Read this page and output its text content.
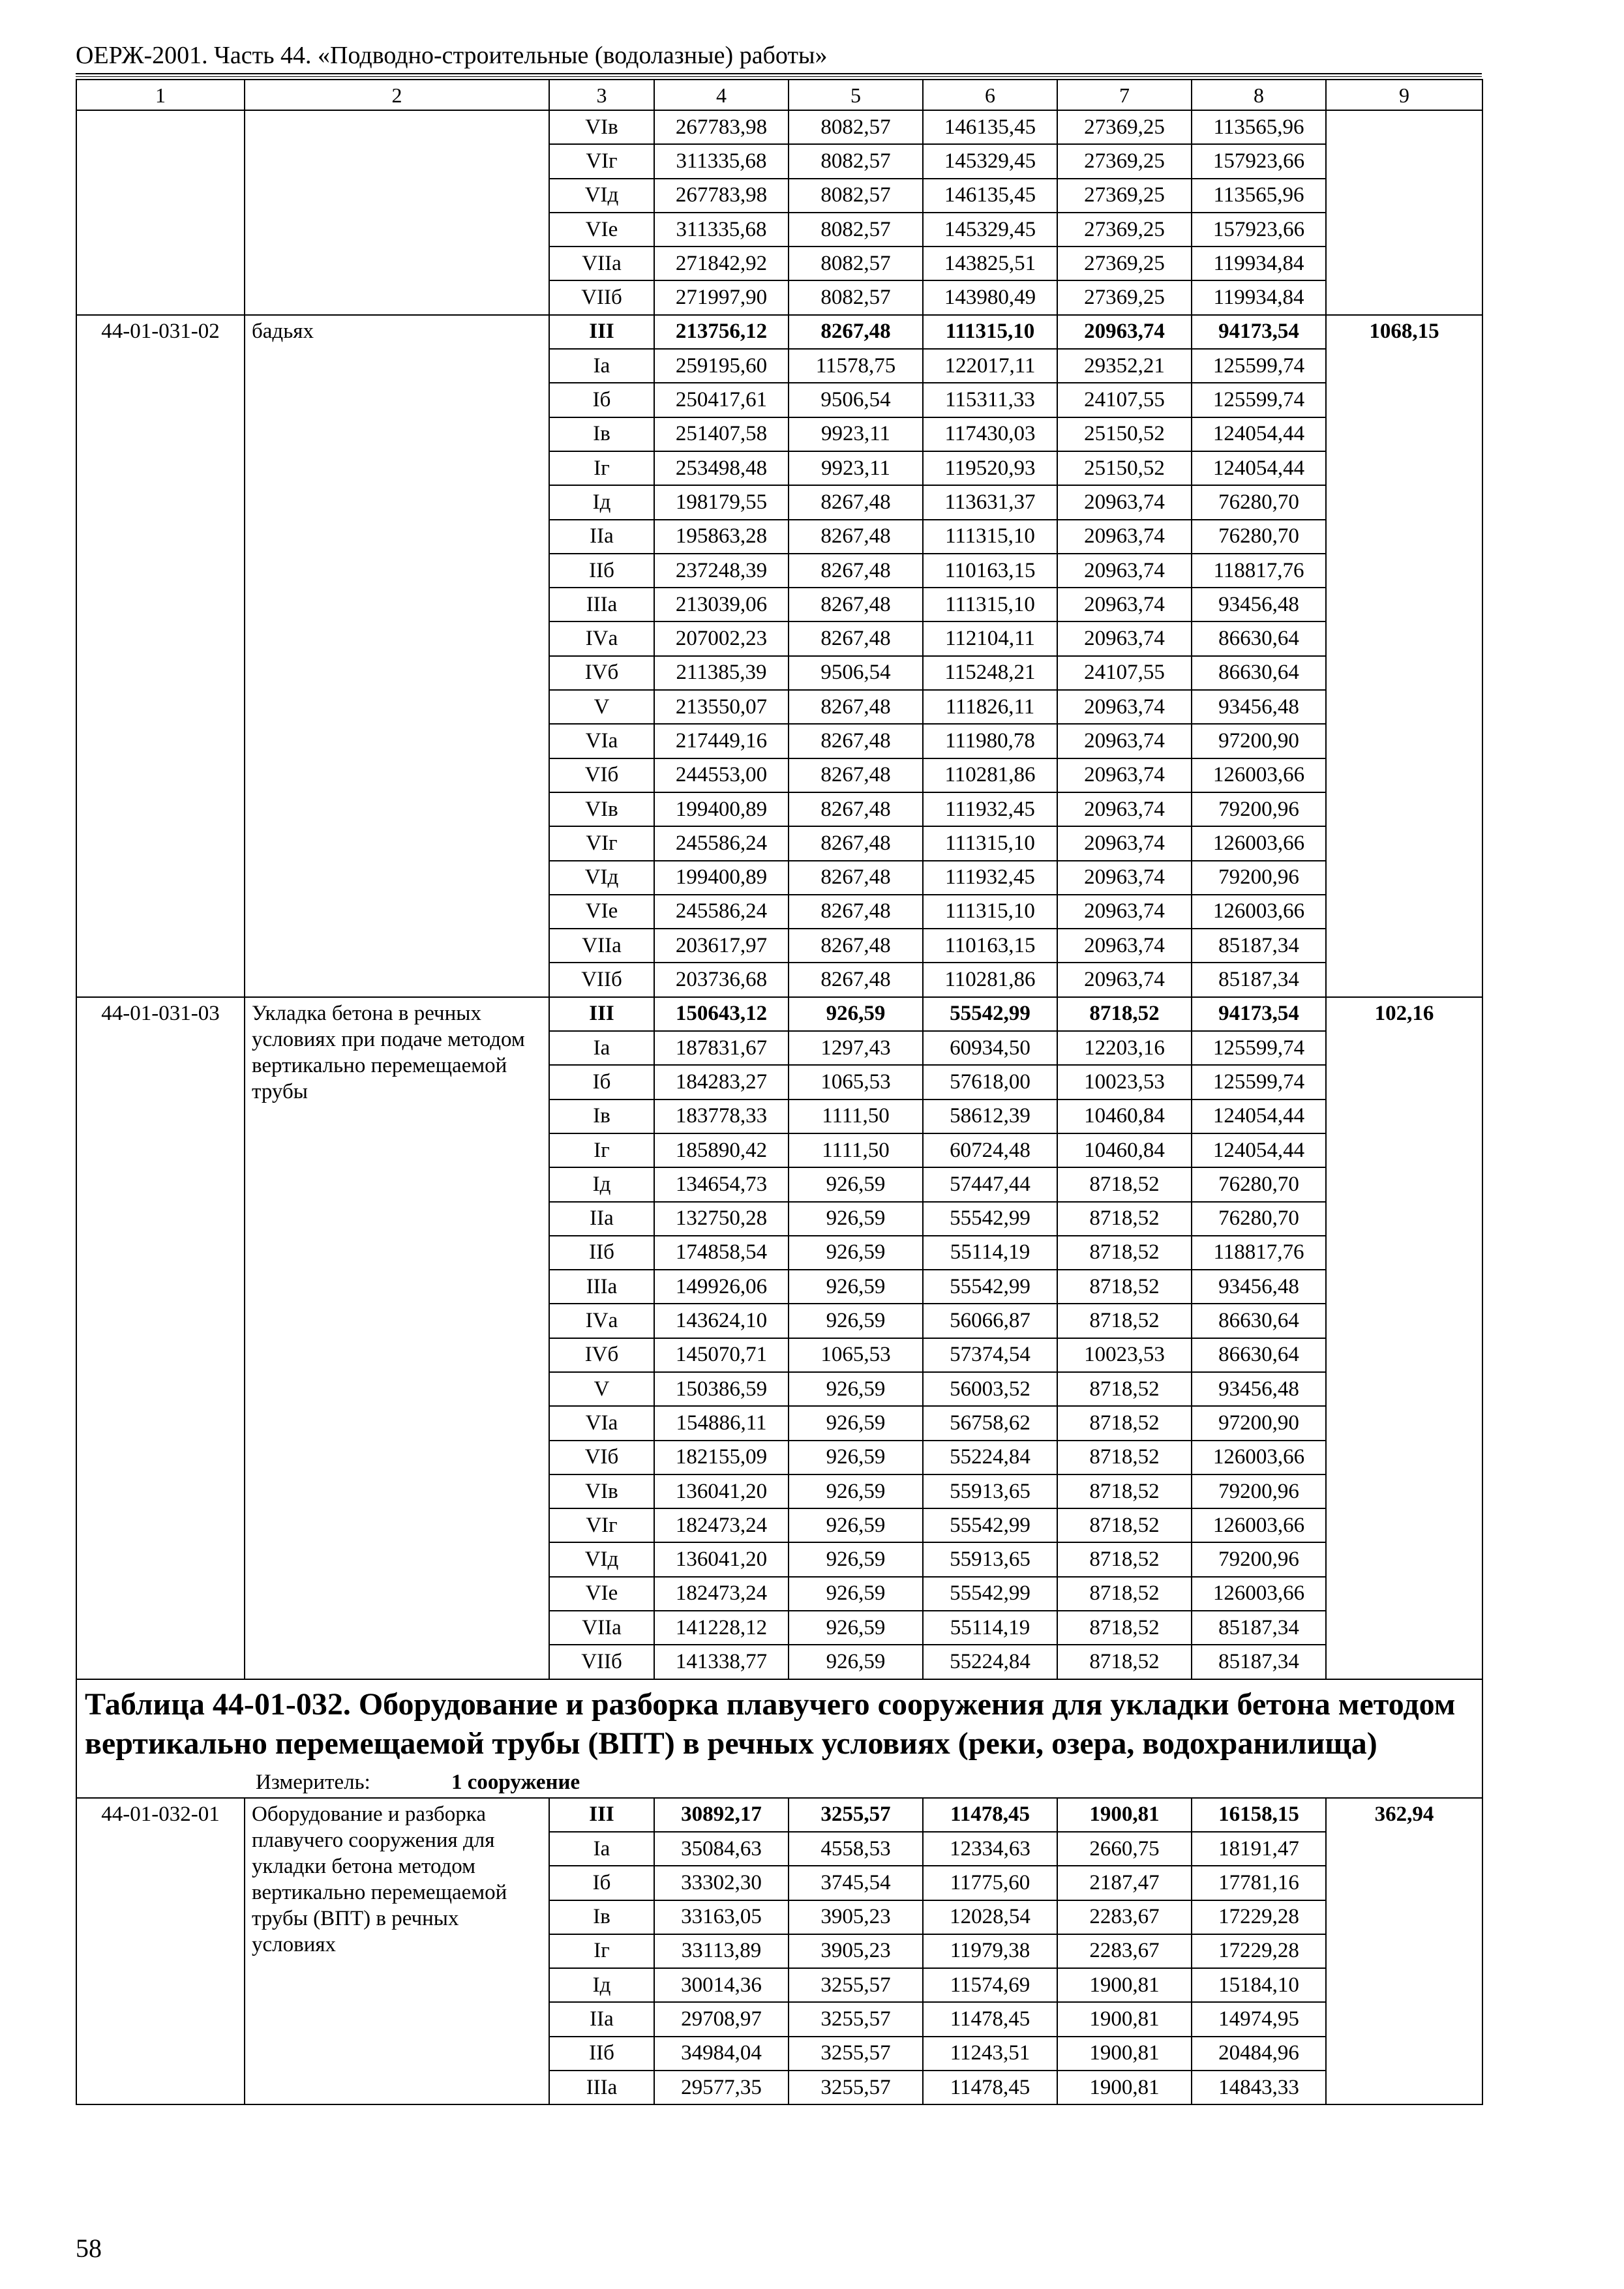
ОЕРЖ-2001. Часть 44. «Подводно-строительные (водолазные) работы»
1	2	3	4	5	6	7	8	9
		VIв	267783,98	8082,57	146135,45	27369,25	113565,96	
		VIг	311335,68	8082,57	145329,45	27369,25	157923,66	
		VIд	267783,98	8082,57	146135,45	27369,25	113565,96	
		VIе	311335,68	8082,57	145329,45	27369,25	157923,66	
		VIIа	271842,92	8082,57	143825,51	27369,25	119934,84	
		VIIб	271997,90	8082,57	143980,49	27369,25	119934,84	
44-01-031-02	бадьях	III	213756,12	8267,48	111315,10	20963,74	94173,54	1068,15
		Iа	259195,60	11578,75	122017,11	29352,21	125599,74	
		Iб	250417,61	9506,54	115311,33	24107,55	125599,74	
		Iв	251407,58	9923,11	117430,03	25150,52	124054,44	
		Iг	253498,48	9923,11	119520,93	25150,52	124054,44	
		Iд	198179,55	8267,48	113631,37	20963,74	76280,70	
		IIа	195863,28	8267,48	111315,10	20963,74	76280,70	
		IIб	237248,39	8267,48	110163,15	20963,74	118817,76	
		IIIа	213039,06	8267,48	111315,10	20963,74	93456,48	
		IVа	207002,23	8267,48	112104,11	20963,74	86630,64	
		IVб	211385,39	9506,54	115248,21	24107,55	86630,64	
		V	213550,07	8267,48	111826,11	20963,74	93456,48	
		VIа	217449,16	8267,48	111980,78	20963,74	97200,90	
		VIб	244553,00	8267,48	110281,86	20963,74	126003,66	
		VIв	199400,89	8267,48	111932,45	20963,74	79200,96	
		VIг	245586,24	8267,48	111315,10	20963,74	126003,66	
		VIд	199400,89	8267,48	111932,45	20963,74	79200,96	
		VIе	245586,24	8267,48	111315,10	20963,74	126003,66	
		VIIа	203617,97	8267,48	110163,15	20963,74	85187,34	
		VIIб	203736,68	8267,48	110281,86	20963,74	85187,34	
44-01-031-03	Укладка бетона в речных условиях при подаче методом вертикально перемещаемой трубы	III	150643,12	926,59	55542,99	8718,52	94173,54	102,16
		Iа	187831,67	1297,43	60934,50	12203,16	125599,74	
		Iб	184283,27	1065,53	57618,00	10023,53	125599,74	
		Iв	183778,33	1111,50	58612,39	10460,84	124054,44	
		Iг	185890,42	1111,50	60724,48	10460,84	124054,44	
		Iд	134654,73	926,59	57447,44	8718,52	76280,70	
		IIа	132750,28	926,59	55542,99	8718,52	76280,70	
		IIб	174858,54	926,59	55114,19	8718,52	118817,76	
		IIIа	149926,06	926,59	55542,99	8718,52	93456,48	
		IVа	143624,10	926,59	56066,87	8718,52	86630,64	
		IVб	145070,71	1065,53	57374,54	10023,53	86630,64	
		V	150386,59	926,59	56003,52	8718,52	93456,48	
		VIа	154886,11	926,59	56758,62	8718,52	97200,90	
		VIб	182155,09	926,59	55224,84	8718,52	126003,66	
		VIв	136041,20	926,59	55913,65	8718,52	79200,96	
		VIг	182473,24	926,59	55542,99	8718,52	126003,66	
		VIд	136041,20	926,59	55913,65	8718,52	79200,96	
		VIе	182473,24	926,59	55542,99	8718,52	126003,66	
		VIIа	141228,12	926,59	55114,19	8718,52	85187,34	
		VIIб	141338,77	926,59	55224,84	8718,52	85187,34	
Таблица 44-01-032. Оборудование и разборка плавучего сооружения для укладки бетона методом вертикально перемещаемой трубы (ВПТ) в речных условиях (реки, озера, водохранилища)								
Измеритель: 1 сооружение								
44-01-032-01	Оборудование и разборка плавучего сооружения для укладки бетона методом вертикально перемещаемой трубы (ВПТ) в речных условиях	III	30892,17	3255,57	11478,45	1900,81	16158,15	362,94
		Iа	35084,63	4558,53	12334,63	2660,75	18191,47	
		Iб	33302,30	3745,54	11775,60	2187,47	17781,16	
		Iв	33163,05	3905,23	12028,54	2283,67	17229,28	
		Iг	33113,89	3905,23	11979,38	2283,67	17229,28	
		Iд	30014,36	3255,57	11574,69	1900,81	15184,10	
		IIа	29708,97	3255,57	11478,45	1900,81	14974,95	
		IIб	34984,04	3255,57	11243,51	1900,81	20484,96	
		IIIа	29577,35	3255,57	11478,45	1900,81	14843,33	
58
